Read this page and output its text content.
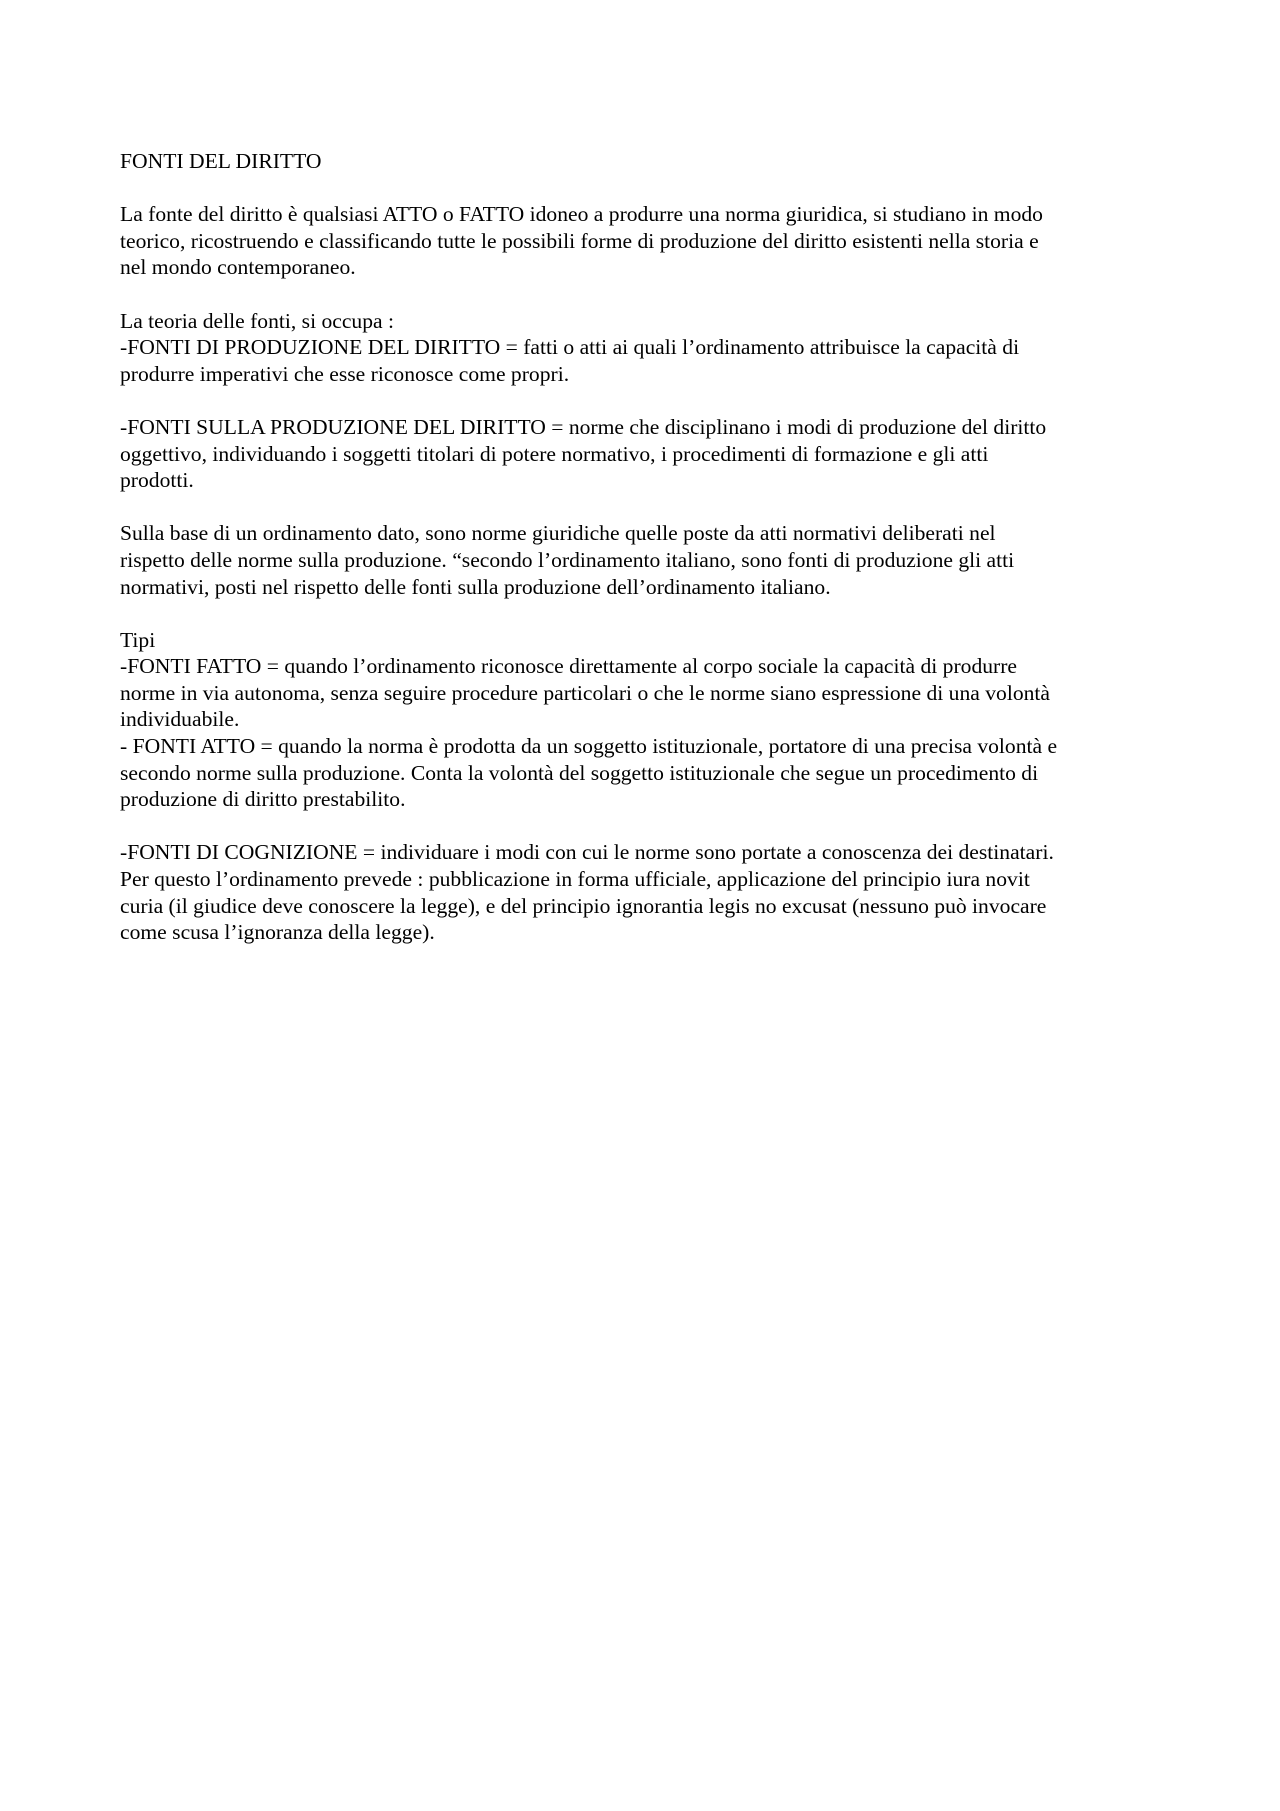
FONTI DEL DIRITTO

La fonte del diritto è qualsiasi ATTO o FATTO idoneo a produrre una norma giuridica, si studiano in modo

teorico, ricostruendo e classificando tutte le possibili forme di produzione del diritto esistenti nella storia e

nel mondo contemporaneo.

La teoria delle fonti, si occupa :

-FONTI DI PRODUZIONE DEL DIRITTO = fatti o atti ai quali l’ordinamento attribuisce la capacità di

produrre imperativi che esse riconosce come propri.

-FONTI SULLA PRODUZIONE DEL DIRITTO = norme che disciplinano i modi di produzione del diritto

oggettivo, individuando i soggetti titolari di potere normativo, i procedimenti di formazione e gli atti

prodotti.

Sulla base di un ordinamento dato, sono norme giuridiche quelle poste da atti normativi deliberati nel

rispetto delle norme sulla produzione. “secondo l’ordinamento italiano, sono fonti di produzione gli atti

normativi, posti nel rispetto delle fonti sulla produzione dell’ordinamento italiano.

Tipi

-FONTI FATTO = quando l’ordinamento riconosce direttamente al corpo sociale la capacità di produrre

norme in via autonoma, senza seguire procedure particolari o che le norme siano espressione di una volontà

individuabile.

- FONTI ATTO = quando la norma è prodotta da un soggetto istituzionale, portatore di una precisa volontà e

secondo norme sulla produzione. Conta la volontà del soggetto istituzionale che segue un procedimento di

produzione di diritto prestabilito.

-FONTI DI COGNIZIONE = individuare i modi con cui le norme sono portate a conoscenza dei destinatari.

Per questo l’ordinamento prevede : pubblicazione in forma ufficiale, applicazione del principio iura novit

curia (il giudice deve conoscere la legge), e del principio ignorantia legis no excusat (nessuno può invocare

come scusa l’ignoranza della legge).
